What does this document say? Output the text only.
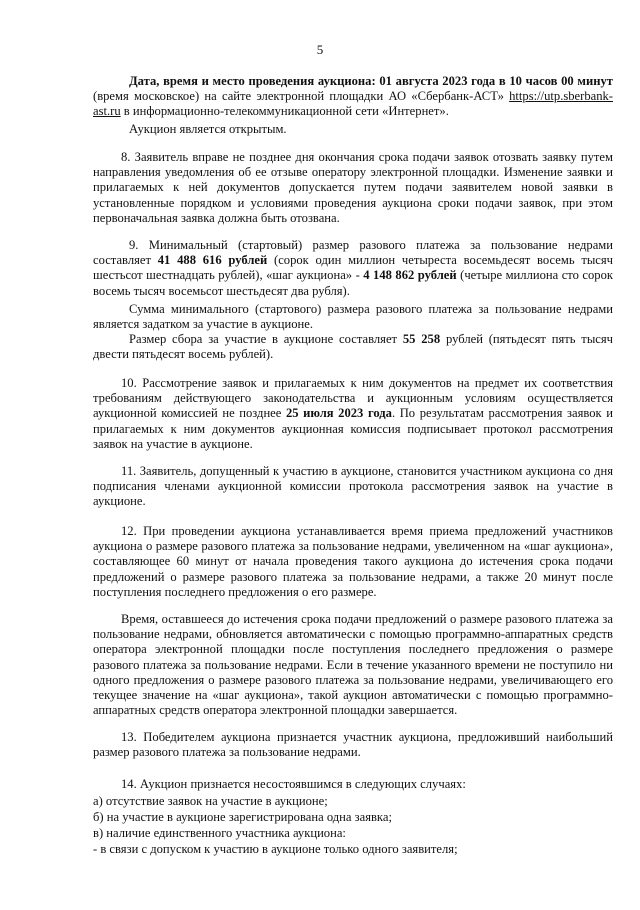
5

Дата, время и место проведения аукциона: 01 августа 2023 года в 10 часов 00 минут (время московское) на сайте электронной площадки АО «Сбербанк-АСТ» https://utp.sberbank-ast.ru в информационно-телекоммуникационной сети «Интернет».

Аукцион является открытым.

8. Заявитель вправе не позднее дня окончания срока подачи заявок отозвать заявку путем направления уведомления об ее отзыве оператору электронной площадки. Изменение заявки и прилагаемых к ней документов допускается путем подачи заявителем новой заявки в установленные порядком и условиями проведения аукциона сроки подачи заявок, при этом первоначальная заявка должна быть отозвана.

9. Минимальный (стартовый) размер разового платежа за пользование недрами составляет 41 488 616 рублей (сорок один миллион четыреста восемьдесят восемь тысяч шестьсот шестнадцать рублей), «шаг аукциона» - 4 148 862 рублей (четыре миллиона сто сорок восемь тысяч восемьсот шестьдесят два рубля).

Сумма минимального (стартового) размера разового платежа за пользование недрами является задатком за участие в аукционе.

Размер сбора за участие в аукционе составляет 55 258 рублей (пятьдесят пять тысяч двести пятьдесят восемь рублей).

10. Рассмотрение заявок и прилагаемых к ним документов на предмет их соответствия требованиям действующего законодательства и аукционным условиям осуществляется аукционной комиссией не позднее 25 июля 2023 года. По результатам рассмотрения заявок и прилагаемых к ним документов аукционная комиссия подписывает протокол рассмотрения заявок на участие в аукционе.

11. Заявитель, допущенный к участию в аукционе, становится участником аукциона со дня подписания членами аукционной комиссии протокола рассмотрения заявок на участие в аукционе.

12. При проведении аукциона устанавливается время приема предложений участников аукциона о размере разового платежа за пользование недрами, увеличенном на «шаг аукциона», составляющее 60 минут от начала проведения такого аукциона до истечения срока подачи предложений о размере разового платежа за пользование недрами, а также 20 минут после поступления последнего предложения о его размере.

Время, оставшееся до истечения срока подачи предложений о размере разового платежа за пользование недрами, обновляется автоматически с помощью программно-аппаратных средств оператора электронной площадки после поступления последнего предложения о размере разового платежа за пользование недрами. Если в течение указанного времени не поступило ни одного предложения о размере разового платежа за пользование недрами, увеличивающего его текущее значение на «шаг аукциона», такой аукцион автоматически с помощью программно-аппаратных средств оператора электронной площадки завершается.

13. Победителем аукциона признается участник аукциона, предложивший наибольший размер разового платежа за пользование недрами.

14. Аукцион признается несостоявшимся в следующих случаях:

а) отсутствие заявок на участие в аукционе;
б) на участие в аукционе зарегистрирована одна заявка;
в) наличие единственного участника аукциона:
- в связи с допуском к участию в аукционе только одного заявителя;
